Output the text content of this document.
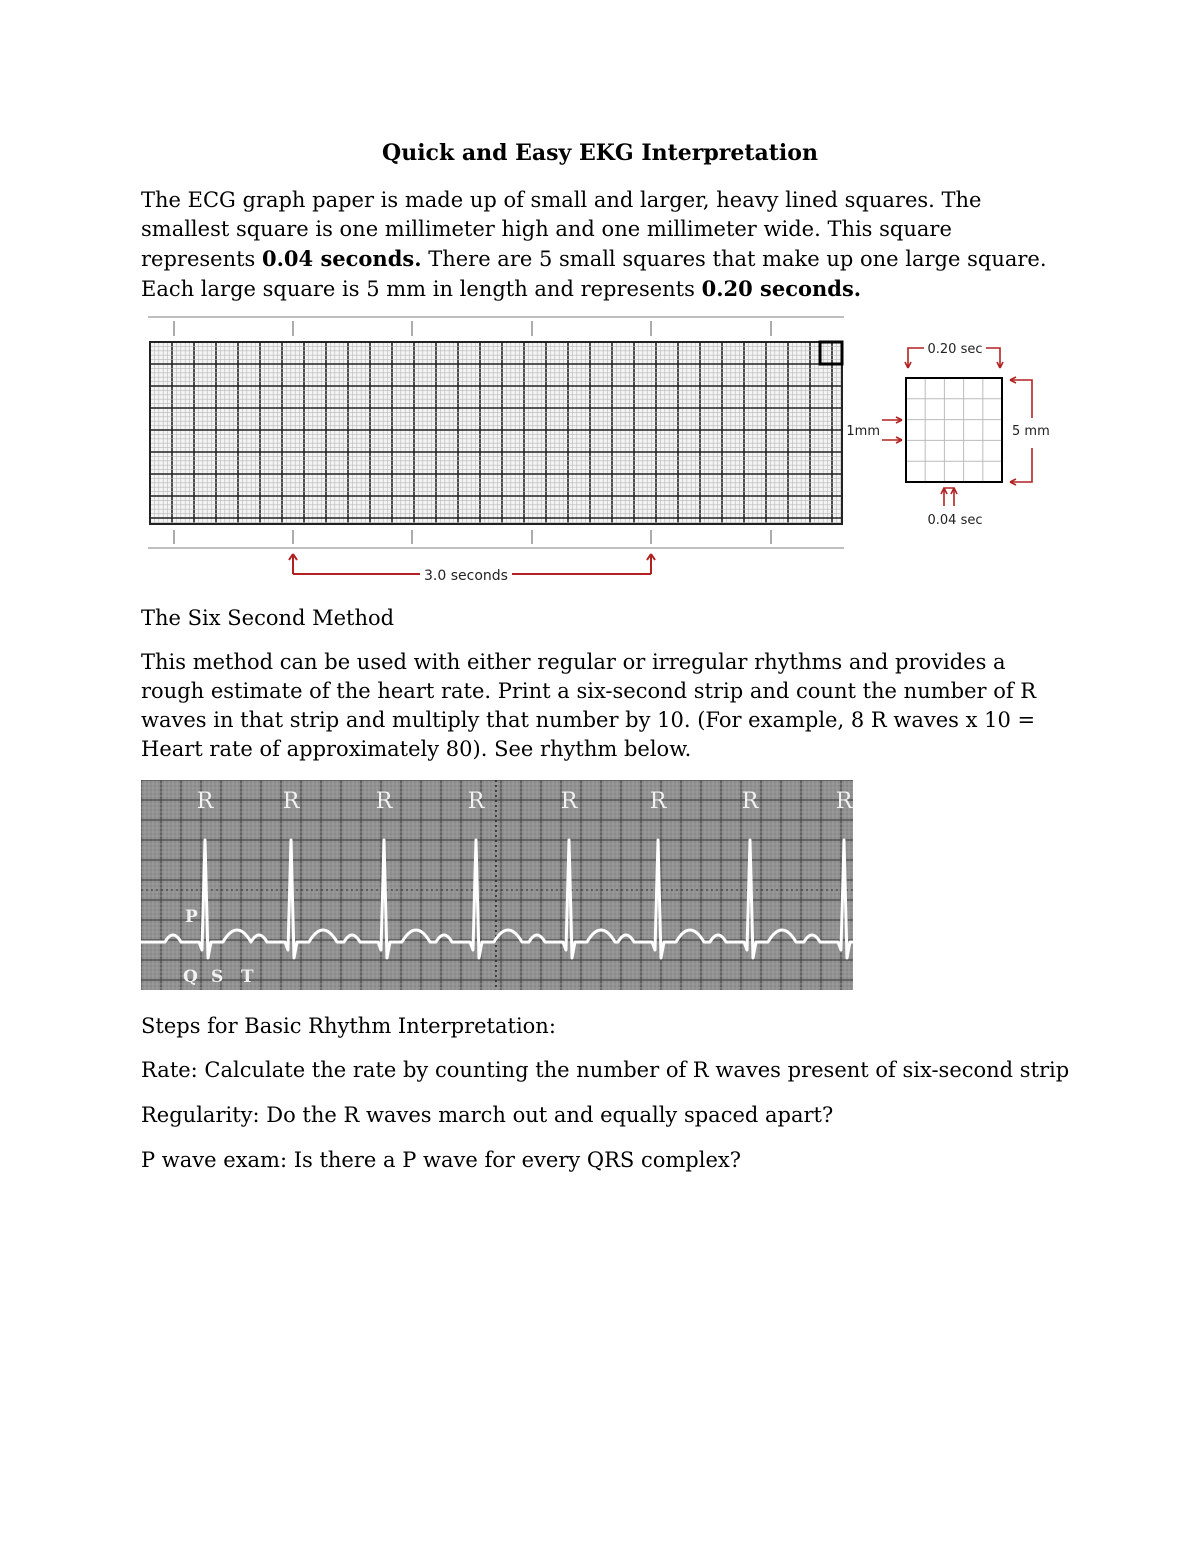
Quick and Easy EKG Interpretation

The ECG graph paper is made up of small and larger, heavy lined squares. The smallest square is one millimeter high and one millimeter wide. This square represents 0.04 seconds. There are 5 small squares that make up one large square. Each large square is 5 mm in length and represents 0.20 seconds.

3.0 seconds
0.20 sec
1mm	5 mm
0.04 sec
The Six Second Method

This method can be used with either regular or irregular rhythms and provides a rough estimate of the heart rate. Print a six-second strip and count the number of R waves in that strip and multiply that number by 10. (For example, 8 R waves x 10 = Heart rate of approximately 80). See rhythm below.

R	R	R	R	R	R	R	R
P
Q S T
Steps for Basic Rhythm Interpretation:
Rate: Calculate the rate by counting the number of R waves present of six-second strip
Regularity: Do the R waves march out and equally spaced apart?
P wave exam: Is there a P wave for every QRS complex?
